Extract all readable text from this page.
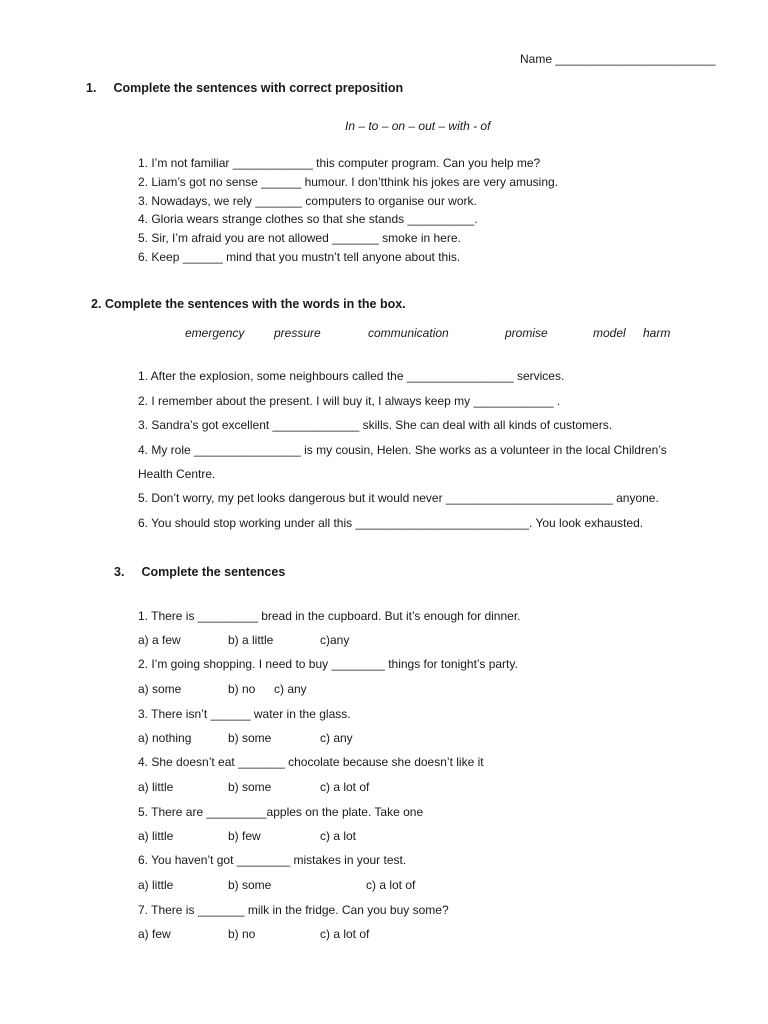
Name ________________________
1. Complete the sentences with correct preposition
In – to – on – out – with - of
1. I’m not familiar ____________ this computer program. Can you help me?
2. Liam’s got no sense ______ humour. I don’tthink his jokes are very amusing.
3. Nowadays, we rely _______ computers to organise our work.
4. Gloria wears strange clothes so that she stands __________.
5. Sir, I’m afraid you are not allowed _______ smoke in here.
6. Keep ______ mind that you mustn’t tell anyone about this.
2. Complete the sentences with the words in the box.
emergency pressure	communication	promise	model harm
1. After the explosion, some neighbours called the ________________ services.
2. I remember about the present. I will buy it, I always keep my ____________ .
3. Sandra’s got excellent _____________ skills. She can deal with all kinds of customers.
4. My role ________________ is my cousin, Helen. She works as a volunteer in the local Children’s
Health Centre.
5. Don’t worry, my pet looks dangerous but it would never _________________________ anyone.
6. You should stop working under all this __________________________. You look exhausted.
3. Complete the sentences
1. There is _________ bread in the cupboard. But it’s enough for dinner.
a) a few	b) a little	c)any
2. I’m going shopping. I need to buy ________ things for tonight’s party.
a) some	b) no c) any
3. There isn’t ______ water in the glass.
a) nothing	b) some	c) any
4. She doesn’t eat _______ chocolate because she doesn’t like it
a) little	b) some	c) a lot of
5. There are _________apples on the plate. Take one
a) little	b) few	c) a lot
6. You haven’t got ________ mistakes in your test.
a) little	b) some	c) a lot of
7. There is _______ milk in the fridge. Can you buy some?
a) few	b) no	c) a lot of
